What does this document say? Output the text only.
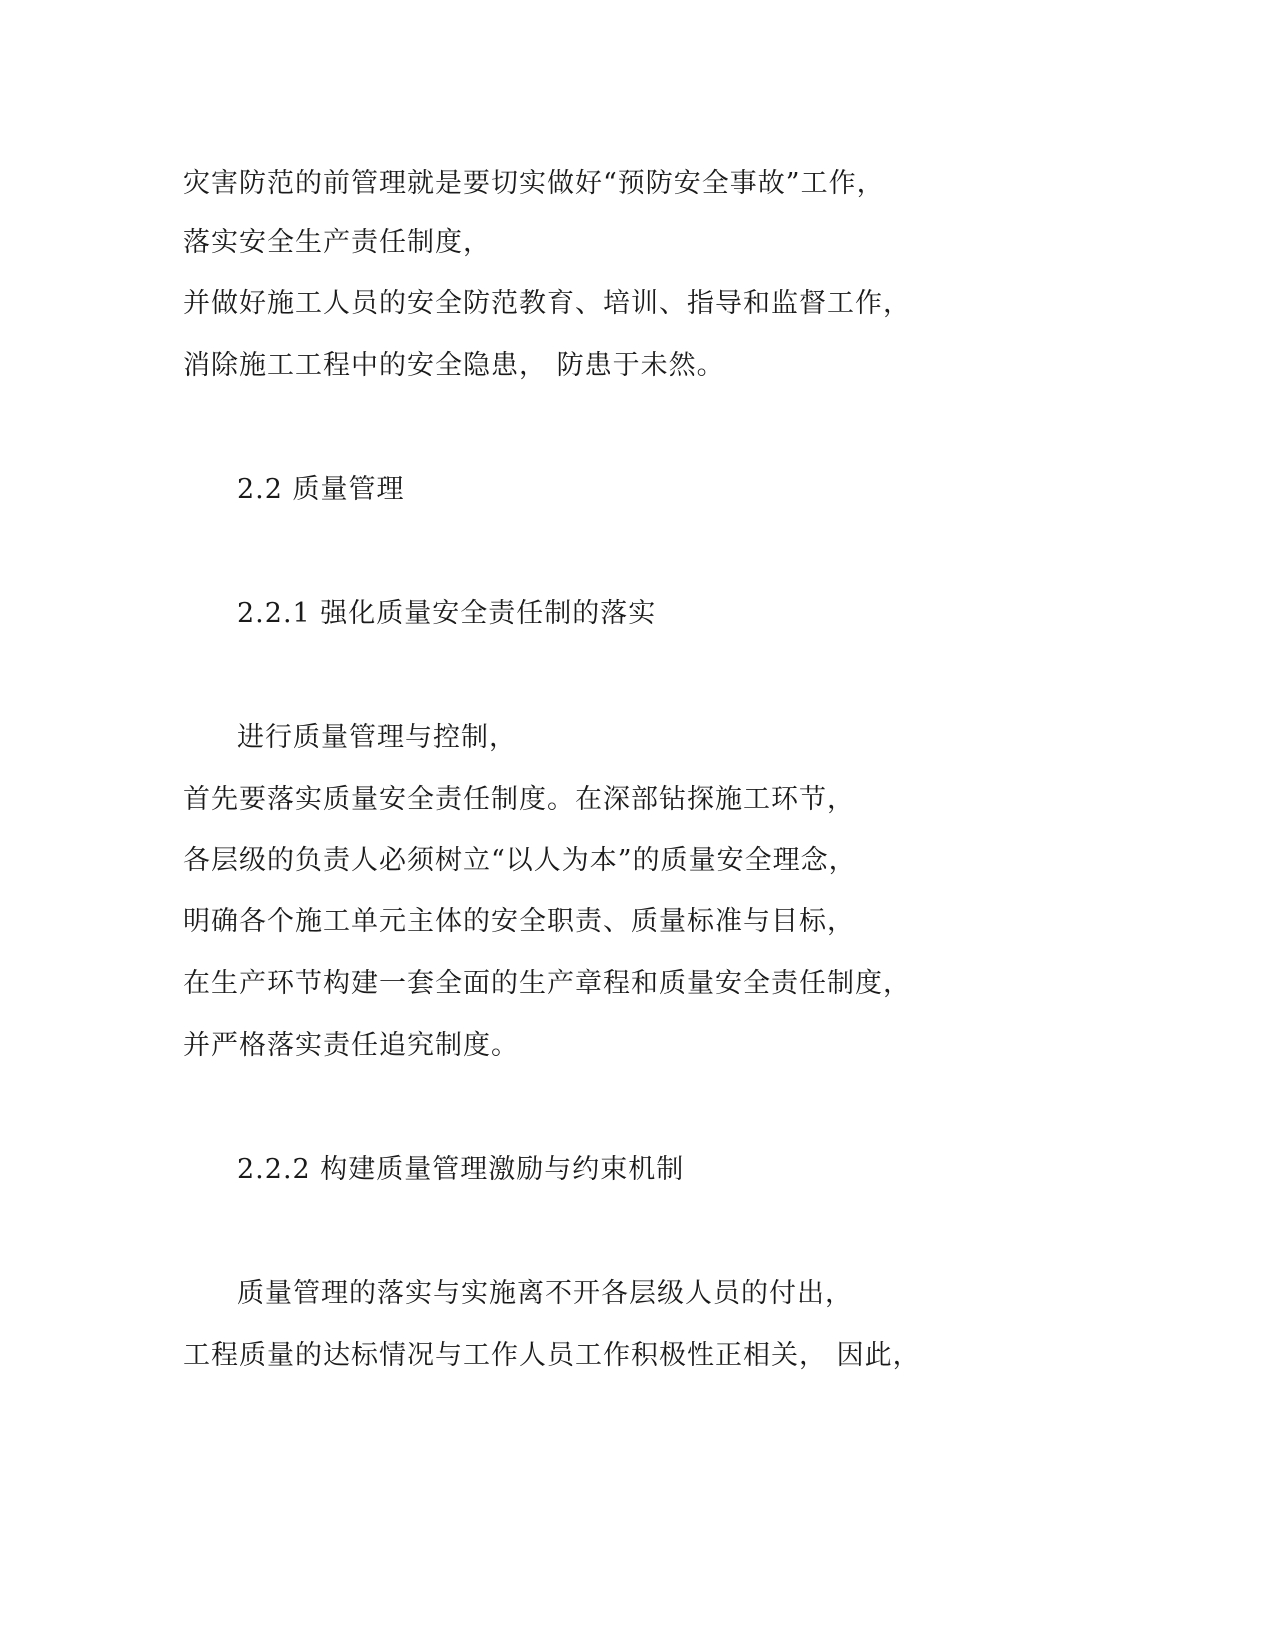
灾害防范的前管理就是要切实做好“预防安全事故”工作，
落实安全生产责任制度，
并做好施工人员的安全防范教育、培训、指导和监督工作，
消除施工工程中的安全隐患， 防患于未然。
2.2 质量管理
2.2.1 强化质量安全责任制的落实
进行质量管理与控制，
首先要落实质量安全责任制度。在深部钻探施工环节，
各层级的负责人必须树立“以人为本”的质量安全理念，
明确各个施工单元主体的安全职责、质量标准与目标，
在生产环节构建一套全面的生产章程和质量安全责任制度，
并严格落实责任追究制度。
2.2.2 构建质量管理激励与约束机制
质量管理的落实与实施离不开各层级人员的付出，
工程质量的达标情况与工作人员工作积极性正相关， 因此，
